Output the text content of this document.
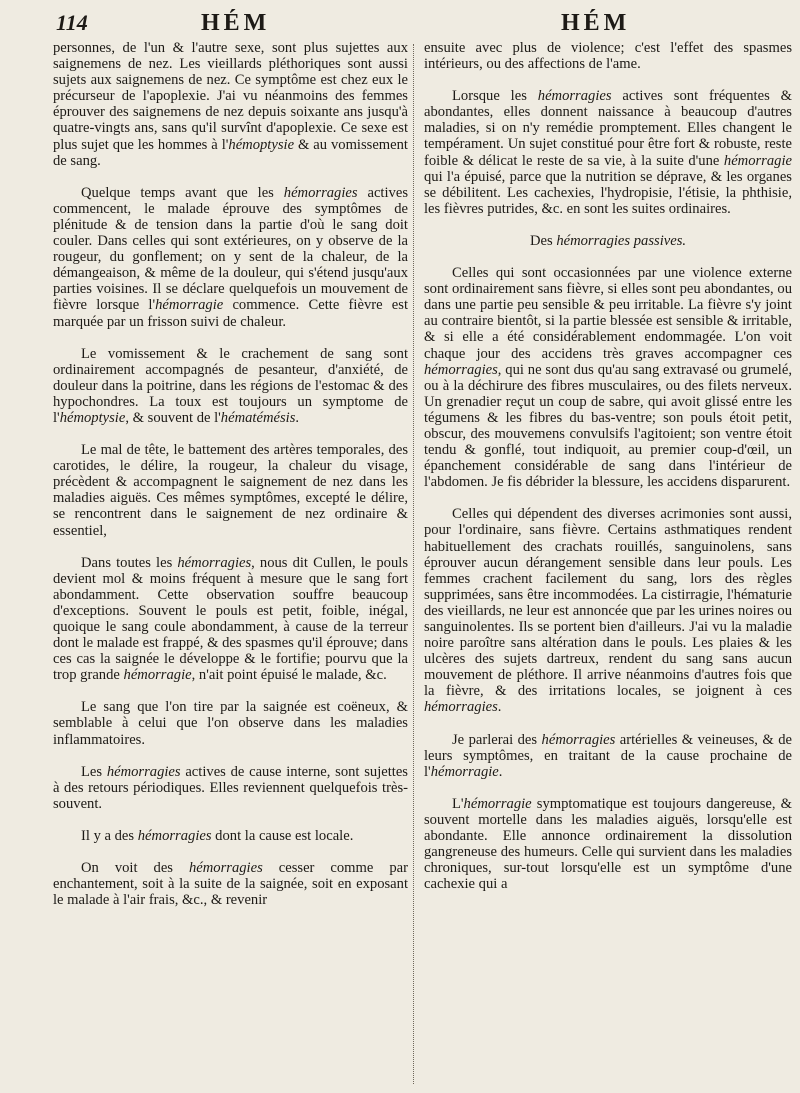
114	HÉM	HÉM

personnes, de l'un & l'autre sexe, sont plus sujettes aux saignemens de nez. Les vieillards pléthoriques sont aussi sujets aux saignemens de nez. Ce symptôme est chez eux le précurseur de l'apoplexie. J'ai vu néanmoins des femmes éprouver des saignemens de nez depuis soixante ans jusqu'à quatre-vingts ans, sans qu'il survînt d'apoplexie. Ce sexe est plus sujet que les hommes à l'hémoptysie & au vomissement de sang.

Quelque temps avant que les hémorragies actives commencent, le malade éprouve des symptômes de plénitude & de tension dans la partie d'où le sang doit couler. Dans celles qui sont extérieures, on y observe de la rougeur, du gonflement; on y sent de la chaleur, de la démangeaison, & même de la douleur, qui s'étend jusqu'aux parties voisines. Il se déclare quelquefois un mouvement de fièvre lorsque l'hémorragie commence. Cette fièvre est marquée par un frisson suivi de chaleur.

Le vomissement & le crachement de sang sont ordinairement accompagnés de pesanteur, d'anxiété, de douleur dans la poitrine, dans les régions de l'estomac & des hypochondres. La toux est toujours un symptome de l'hémoptysie, & souvent de l'hématémésis.

Le mal de tête, le battement des artères temporales, des carotides, le délire, la rougeur, la chaleur du visage, précèdent & accompagnent le saignement de nez dans les maladies aiguës. Ces mêmes symptômes, excepté le délire, se rencontrent dans le saignement de nez ordinaire & essentiel,

Dans toutes les hémorragies, nous dit Cullen, le pouls devient mol & moins fréquent à mesure que le sang fort abondamment. Cette observation souffre beaucoup d'exceptions. Souvent le pouls est petit, foible, inégal, quoique le sang coule abondamment, à cause de la terreur dont le malade est frappé, & des spasmes qu'il éprouve; dans ces cas la saignée le développe & le fortifie; pourvu que la trop grande hémorragie, n'ait point épuisé le malade, &c.

Le sang que l'on tire par la saignée est coëneux, & semblable à celui que l'on observe dans les maladies inflammatoires.

Les hémorragies actives de cause interne, sont sujettes à des retours périodiques. Elles reviennent quelquefois très-souvent.

Il y a des hémorragies dont la cause est locale.

On voit des hémorragies cesser comme par enchantement, soit à la suite de la saignée, soit en exposant le malade à l'air frais, &c., & revenir

ensuite avec plus de violence; c'est l'effet des spasmes intérieurs, ou des affections de l'ame.

Lorsque les hémorragies actives sont fréquentes & abondantes, elles donnent naissance à beaucoup d'autres maladies, si on n'y remédie promptement. Elles changent le tempérament. Un sujet constitué pour être fort & robuste, reste foible & délicat le reste de sa vie, à la suite d'une hémorragie qui l'a épuisé, parce que la nutrition se déprave, & les organes se débilitent. Les cachexies, l'hydropisie, l'étisie, la phthisie, les fièvres putrides, &c. en sont les suites ordinaires.

Des hémorragies passives.

Celles qui sont occasionnées par une violence externe sont ordinairement sans fièvre, si elles sont peu abondantes, ou dans une partie peu sensible & peu irritable. La fièvre s'y joint au contraire bientôt, si la partie blessée est sensible & irritable, & si elle a été considérablement endommagée. L'on voit chaque jour des accidens très graves accompagner ces hémorragies, qui ne sont dus qu'au sang extravasé ou grumelé, ou à la déchirure des fibres musculaires, ou des filets nerveux. Un grenadier reçut un coup de sabre, qui avoit glissé entre les tégumens & les fibres du bas-ventre; son pouls étoit petit, obscur, des mouvemens convulsifs l'agitoient; son ventre étoit tendu & gonflé, tout indiquoit, au premier coup-d'œil, un épanchement considérable de sang dans l'intérieur de l'abdomen. Je fis débrider la blessure, les accidens disparurent.

Celles qui dépendent des diverses acrimonies sont aussi, pour l'ordinaire, sans fièvre. Certains asthmatiques rendent habituellement des crachats rouillés, sanguinolens, sans éprouver aucun dérangement sensible dans leur pouls. Les femmes crachent facilement du sang, lors des règles supprimées, sans être incommodées. La cistirragie, l'hématurie des vieillards, ne leur est annoncée que par les urines noires ou sanguinolentes. Ils se portent bien d'ailleurs. J'ai vu la maladie noire paroître sans altération dans le pouls. Les plaies & les ulcères des sujets dartreux, rendent du sang sans aucun mouvement de pléthore. Il arrive néanmoins d'autres fois que la fièvre, & des irritations locales, se joignent à ces hémorragies.

Je parlerai des hémorragies artérielles & veineuses, & de leurs symptômes, en traitant de la cause prochaine de l'hémorragie.

L'hémorragie symptomatique est toujours dangereuse, & souvent mortelle dans les maladies aiguës, lorsqu'elle est abondante. Elle annonce ordinairement la dissolution gangreneuse des humeurs. Celle qui survient dans les maladies chroniques, sur-tout lorsqu'elle est un symptôme d'une cachexie qui a
